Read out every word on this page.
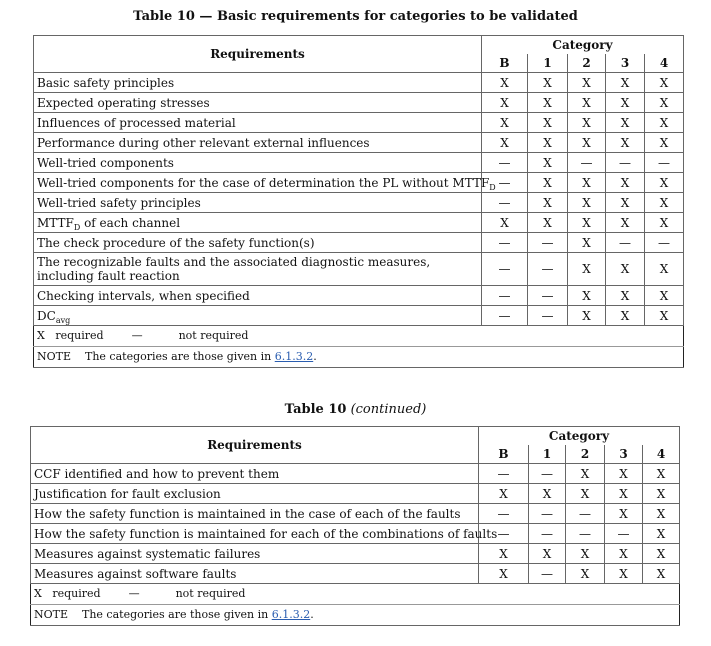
Table 10 — Basic requirements for categories to be validated
Requirements	Category				
	B	1	2	3	4
Basic safety principles	X	X	X	X	X
Expected operating stresses	X	X	X	X	X
Influences of processed material	X	X	X	X	X
Performance during other relevant external influences	X	X	X	X	X
Well-tried components	—	X	—	—	—
Well-tried components for the case of determination the PL without $MTTF_D$	—	X	X	X	X
Well-tried safety principles	—	X	X	X	X
$MTTF_D$ of each channel	X	X	X	X	X
The check procedure of the safety function(s)	—	—	X	—	—
The recognizable faults and the associated diagnostic measures, including fault reaction	—	—	X	X	X
Checking intervals, when specified	—	—	X	X	X
$DC_{avg}$	—	—	X	X	X
X required — not required					
NOTE The categories are those given in 6.1.3.2.					
Table 10 (continued)
Requirements	Category				
	B	1	2	3	4
CCF identified and how to prevent them	—	—	X	X	X
Justification for fault exclusion	X	X	X	X	X
How the safety function is maintained in the case of each of the faults	—	—	—	X	X
How the safety function is maintained for each of the combinations of faults	—	—	—	—	X
Measures against systematic failures	X	X	X	X	X
Measures against software faults	X	—	X	X	X
X required — not required					
NOTE The categories are those given in 6.1.3.2.					
